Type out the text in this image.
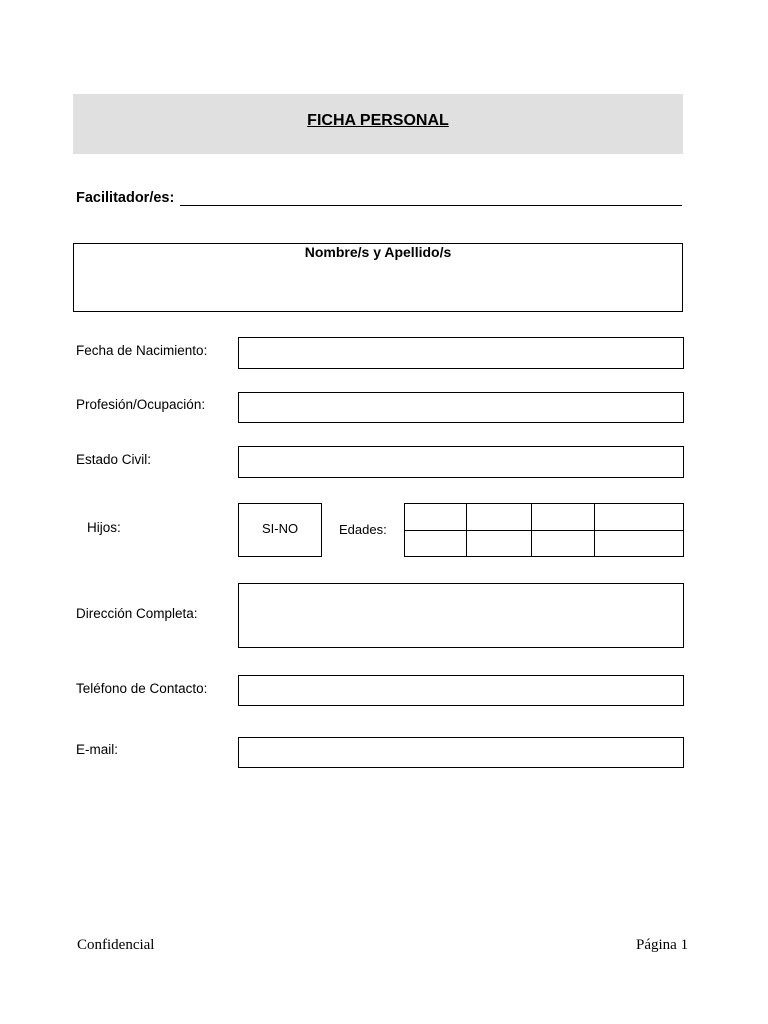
FICHA PERSONAL
Facilitador/es:
Nombre/s y Apellido/s
Fecha de Nacimiento:
Profesión/Ocupación:
Estado Civil:
Hijos:	SI-NO	Edades:
Dirección Completa:
Teléfono de Contacto:
E-mail:
Confidencial	Página 1
